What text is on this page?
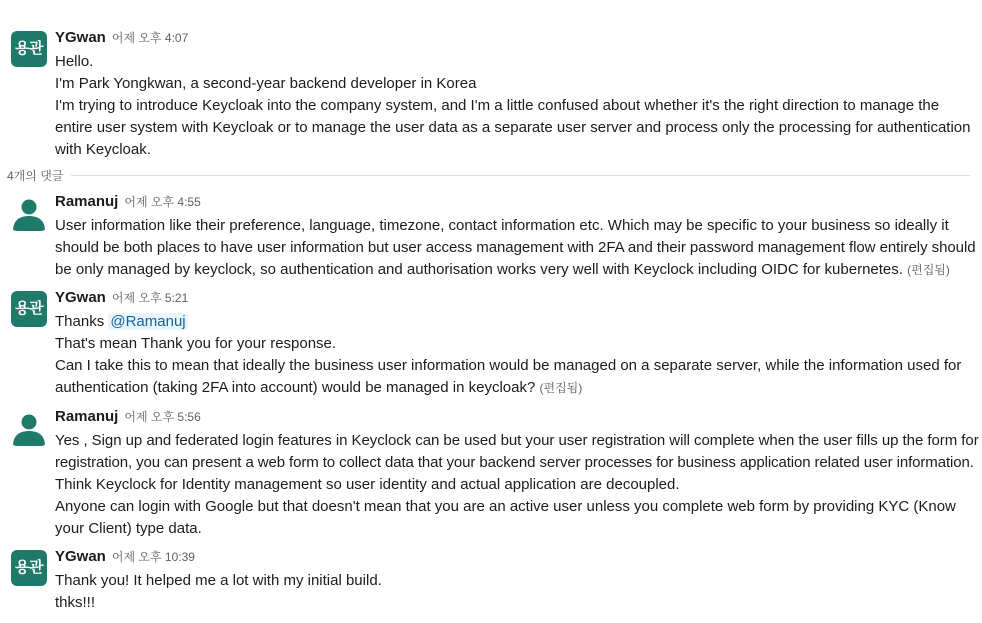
용관
YGwan 어제 오후 4:07
Hello.
I'm Park Yongkwan, a second-year backend developer in Korea
I'm trying to introduce Keycloak into the company system, and I'm a little confused about whether it's the right direction to manage the
entire user system with Keycloak or to manage the user data as a separate user server and process only the processing for authentication
with Keycloak.
4개의 댓글
Ramanuj 어제 오후 4:55
User information like their preference, language, timezone, contact information etc. Which may be specific to your business so ideally it
should be both places to have user information but user access management with 2FA and their password management flow entirely should
be only managed by keyclock, so authentication and authorisation works very well with Keyclock including OIDC for kubernetes. (편집됨)
용관
YGwan 어제 오후 5:21
Thanks @Ramanuj
That's mean Thank you for your response.
Can I take this to mean that ideally the business user information would be managed on a separate server, while the information used for
authentication (taking 2FA into account) would be managed in keycloak? (편집됨)
Ramanuj 어제 오후 5:56
Yes , Sign up and federated login features in Keyclock can be used but your user registration will complete when the user fills up the form for
registration, you can present a web form to collect data that your backend server processes for business application related user information.
Think Keyclock for Identity management so user identity and actual application are decoupled.
Anyone can login with Google but that doesn't mean that you are an active user unless you complete web form by providing KYC (Know
your Client) type data.
용관
YGwan 어제 오후 10:39
Thank you! It helped me a lot with my initial build.
thks!!!
